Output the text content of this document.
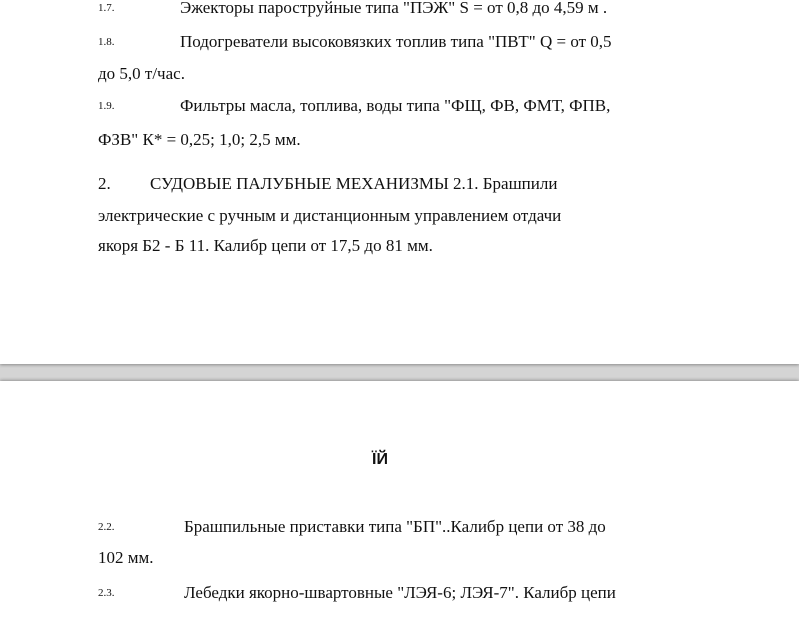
1.7.	Эжекторы пароструйные типа "ПЭЖ" S = от 0,8 до 4,59 м .
1.8.	Подогреватели высоковязких топлив типа "ПВТ" Q = от 0,5
до 5,0 т/час.
1.9.	Фильтры масла, топлива, воды типа "ФЩ, ФВ, ФМТ, ФПВ,
ФЗВ" К* = 0,25; 1,0; 2,5 мм.
2. СУДОВЫЕ ПАЛУБНЫЕ МЕХАНИЗМЫ 2.1. Брашпили
электрические с ручным и дистанционным управлением отдачи
якоря Б2 - Б 11. Калибр цепи от 17,5 до 81 мм.
ЇЙ
2.2.	Брашпильные приставки типа "БП"..Калибр цепи от 38 до
102 мм.
2.3.	Лебедки якорно-швартовные "ЛЭЯ-6; ЛЭЯ-7". Калибр цепи
